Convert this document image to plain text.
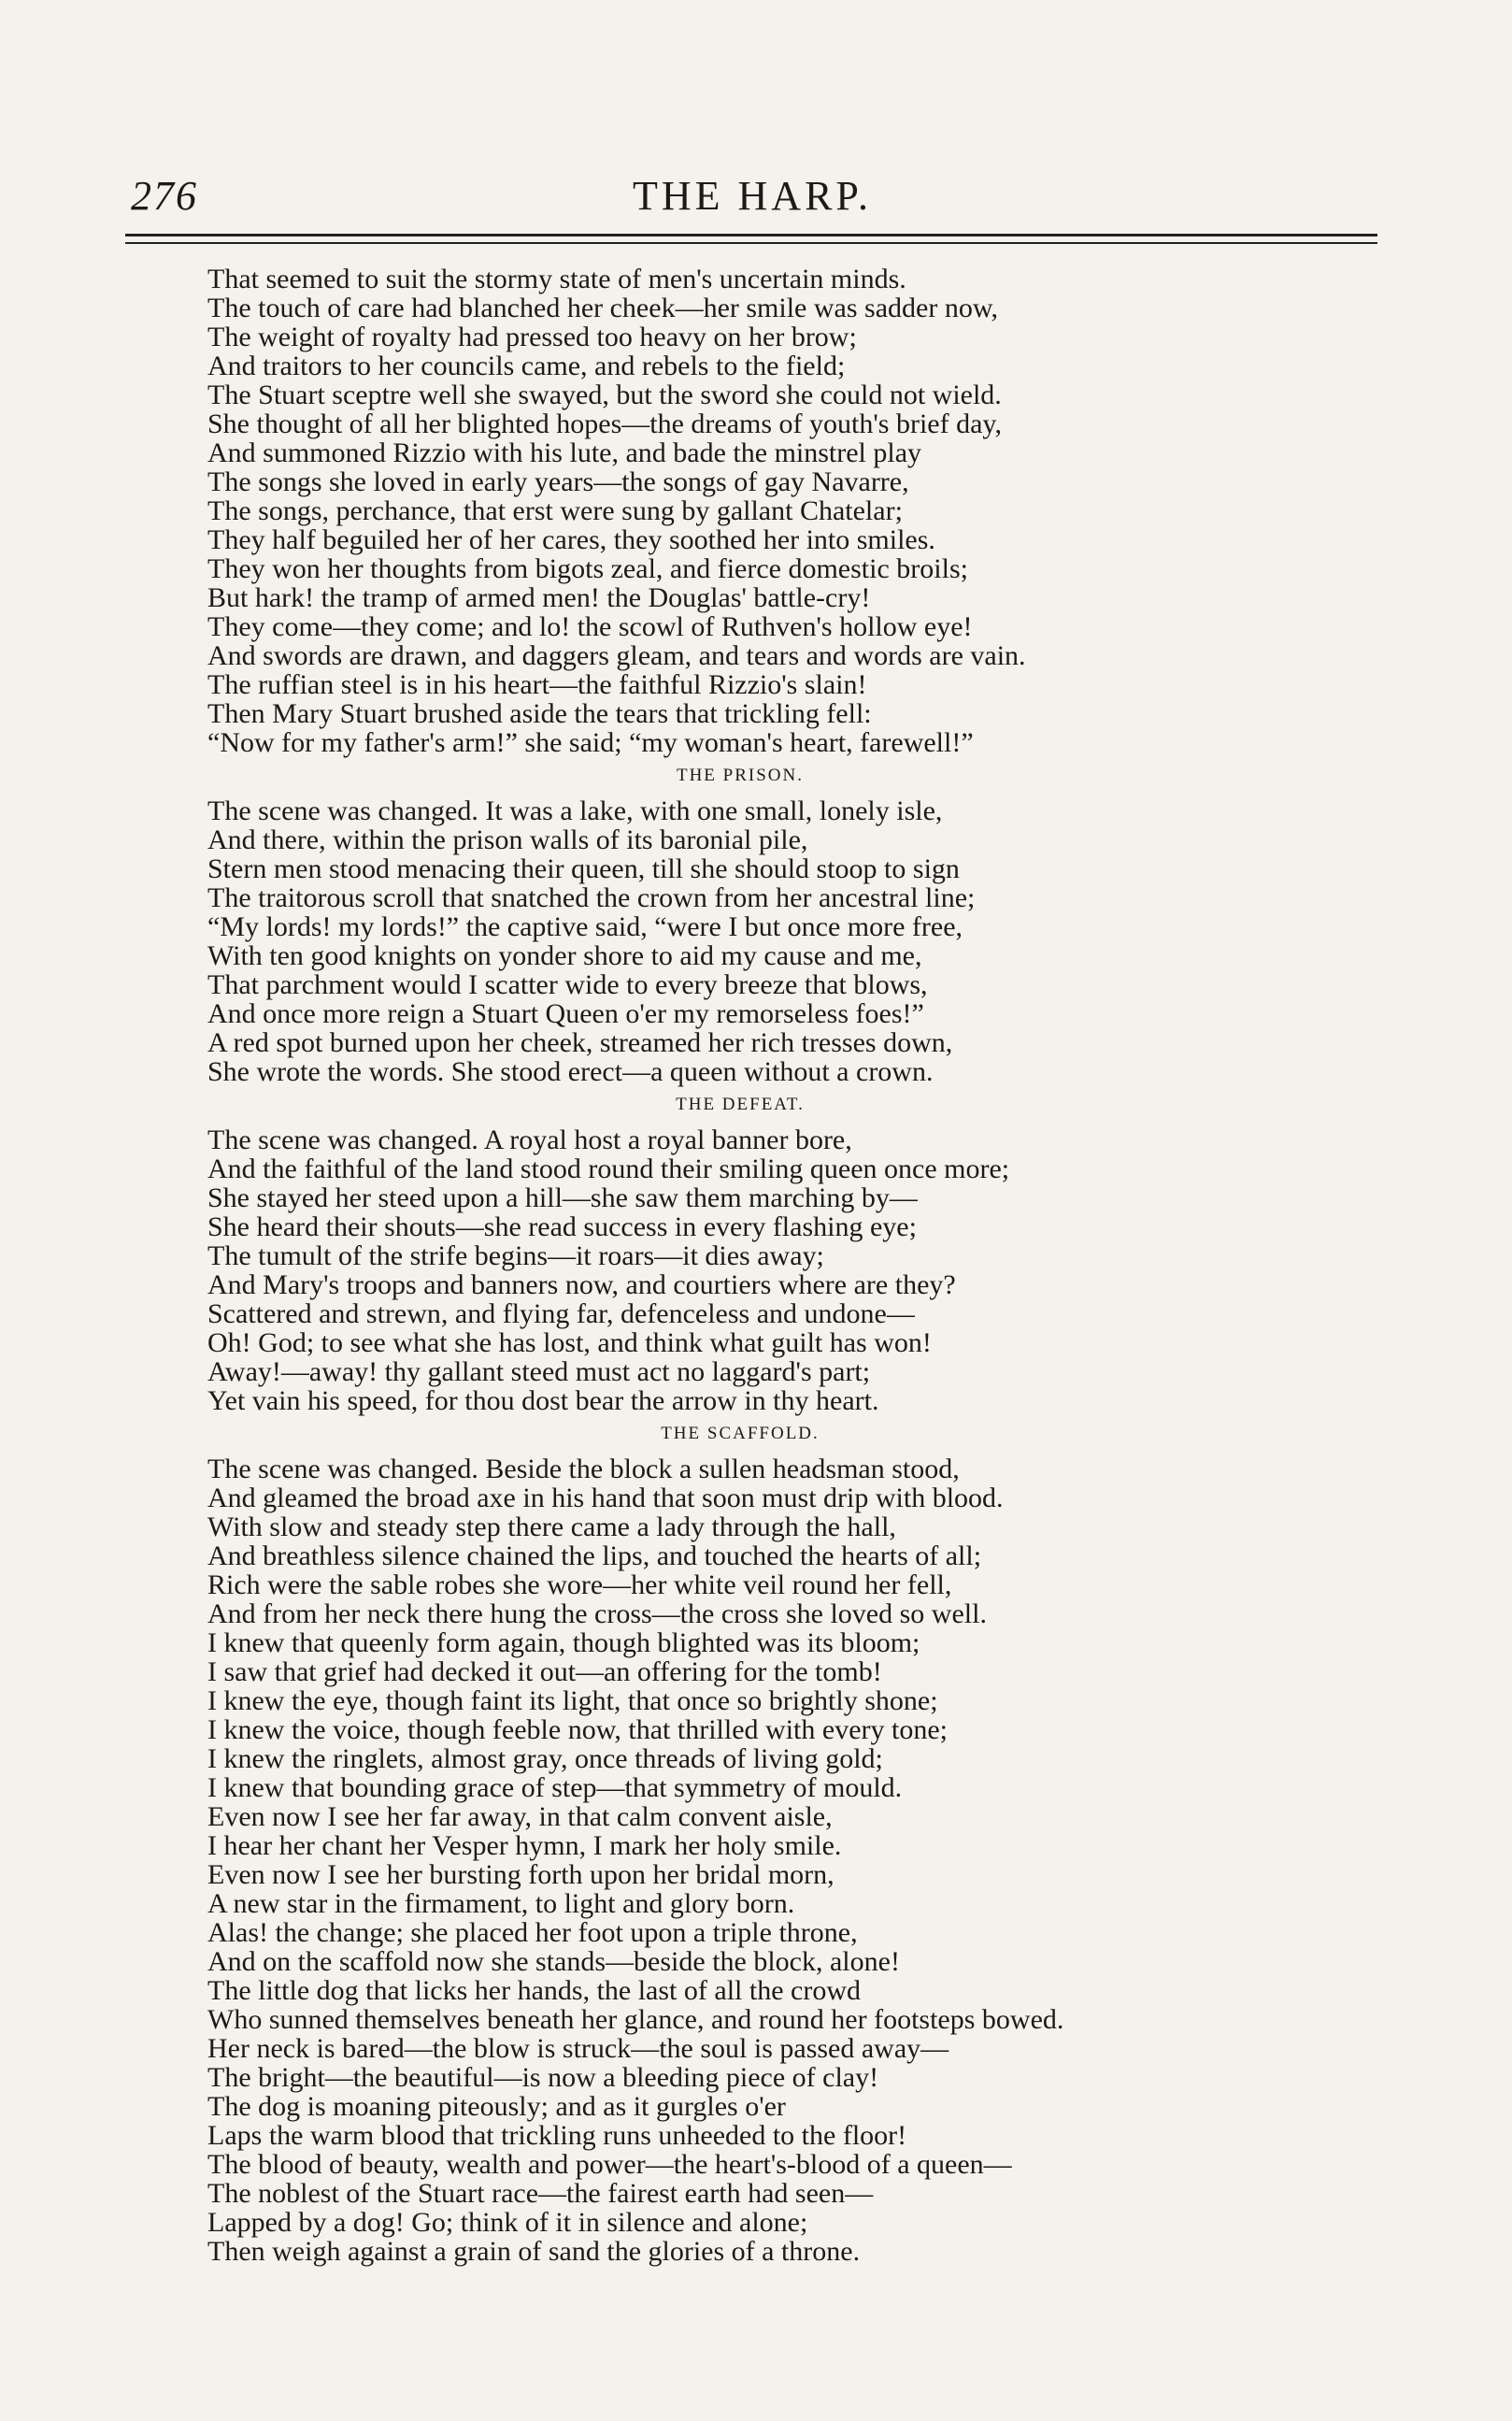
276	THE HARP.
That seemed to suit the stormy state of men's uncertain minds.
The touch of care had blanched her cheek—her smile was sadder now,
The weight of royalty had pressed too heavy on her brow;
And traitors to her councils came, and rebels to the field;
The Stuart sceptre well she swayed, but the sword she could not wield.
She thought of all her blighted hopes—the dreams of youth's brief day,
And summoned Rizzio with his lute, and bade the minstrel play
The songs she loved in early years—the songs of gay Navarre,
The songs, perchance, that erst were sung by gallant Chatelar;
They half beguiled her of her cares, they soothed her into smiles.
They won her thoughts from bigots zeal, and fierce domestic broils;
But hark! the tramp of armed men! the Douglas' battle-cry!
They come—they come; and lo! the scowl of Ruthven's hollow eye!
And swords are drawn, and daggers gleam, and tears and words are vain.
The ruffian steel is in his heart—the faithful Rizzio's slain!
Then Mary Stuart brushed aside the tears that trickling fell:
“Now for my father's arm!” she said; “my woman's heart, farewell!”
THE PRISON.
The scene was changed. It was a lake, with one small, lonely isle,
And there, within the prison walls of its baronial pile,
Stern men stood menacing their queen, till she should stoop to sign
The traitorous scroll that snatched the crown from her ancestral line;
“My lords! my lords!” the captive said, “were I but once more free,
With ten good knights on yonder shore to aid my cause and me,
That parchment would I scatter wide to every breeze that blows,
And once more reign a Stuart Queen o'er my remorseless foes!”
A red spot burned upon her cheek, streamed her rich tresses down,
She wrote the words. She stood erect—a queen without a crown.
THE DEFEAT.
The scene was changed. A royal host a royal banner bore,
And the faithful of the land stood round their smiling queen once more;
She stayed her steed upon a hill—she saw them marching by—
She heard their shouts—she read success in every flashing eye;
The tumult of the strife begins—it roars—it dies away;
And Mary's troops and banners now, and courtiers where are they?
Scattered and strewn, and flying far, defenceless and undone—
Oh! God; to see what she has lost, and think what guilt has won!
Away!—away! thy gallant steed must act no laggard's part;
Yet vain his speed, for thou dost bear the arrow in thy heart.
THE SCAFFOLD.
The scene was changed. Beside the block a sullen headsman stood,
And gleamed the broad axe in his hand that soon must drip with blood.
With slow and steady step there came a lady through the hall,
And breathless silence chained the lips, and touched the hearts of all;
Rich were the sable robes she wore—her white veil round her fell,
And from her neck there hung the cross—the cross she loved so well.
I knew that queenly form again, though blighted was its bloom;
I saw that grief had decked it out—an offering for the tomb!
I knew the eye, though faint its light, that once so brightly shone;
I knew the voice, though feeble now, that thrilled with every tone;
I knew the ringlets, almost gray, once threads of living gold;
I knew that bounding grace of step—that symmetry of mould.
Even now I see her far away, in that calm convent aisle,
I hear her chant her Vesper hymn, I mark her holy smile.
Even now I see her bursting forth upon her bridal morn,
A new star in the firmament, to light and glory born.
Alas! the change; she placed her foot upon a triple throne,
And on the scaffold now she stands—beside the block, alone!
The little dog that licks her hands, the last of all the crowd
Who sunned themselves beneath her glance, and round her footsteps bowed.
Her neck is bared—the blow is struck—the soul is passed away—
The bright—the beautiful—is now a bleeding piece of clay!
The dog is moaning piteously; and as it gurgles o'er
Laps the warm blood that trickling runs unheeded to the floor!
The blood of beauty, wealth and power—the heart's-blood of a queen—
The noblest of the Stuart race—the fairest earth had seen—
Lapped by a dog! Go; think of it in silence and alone;
Then weigh against a grain of sand the glories of a throne.
